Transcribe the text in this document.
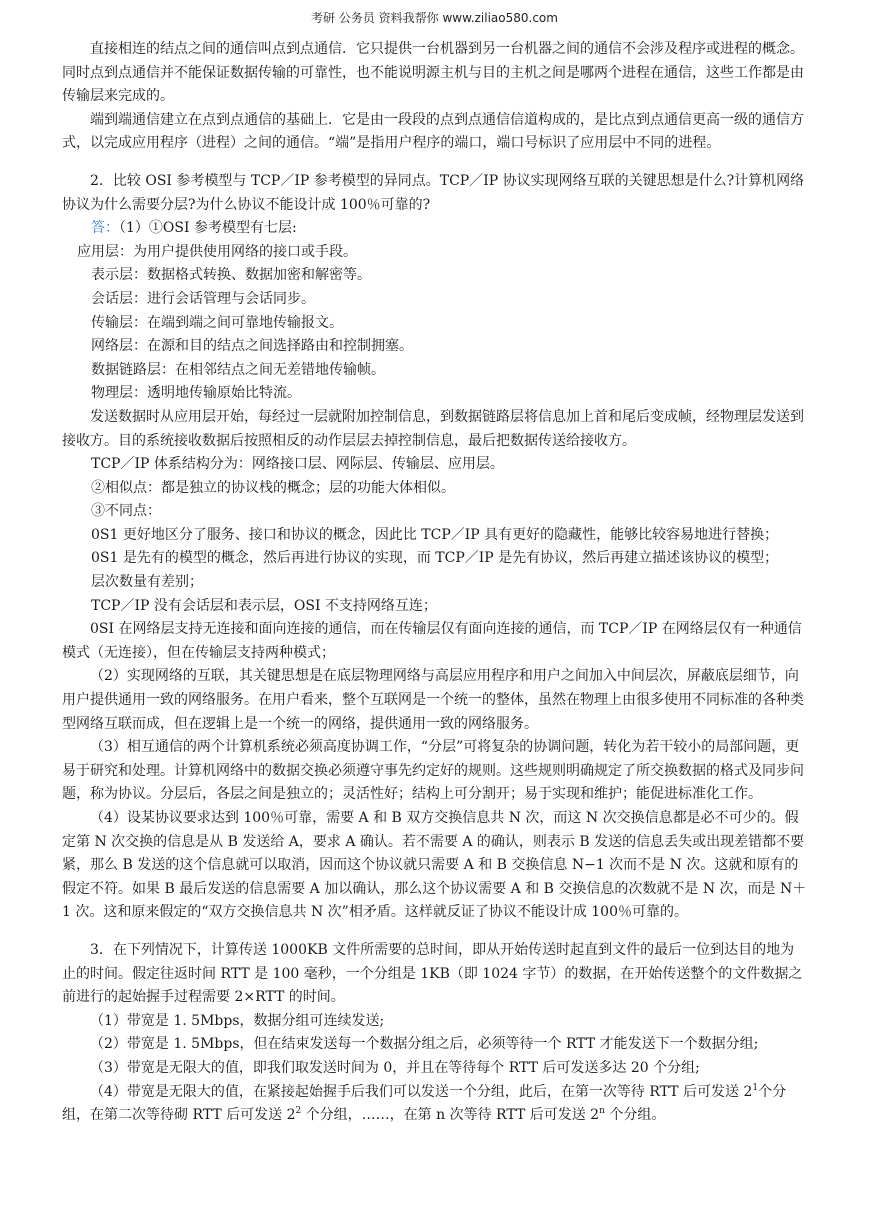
考研 公务员 资料我帮你 www.ziliao580.com

直接相连的结点之间的通信叫点到点通信．它只提供一台机器到另一台机器之间的通信不会涉及程序或进程的概念。同时点到点通信并不能保证数据传输的可靠性，也不能说明源主机与目的主机之间是哪两个进程在通信，这些工作都是由传输层来完成的。

端到端通信建立在点到点通信的基础上．它是由一段段的点到点通信信道构成的，是比点到点通信更高一级的通信方式，以完成应用程序（进程）之间的通信。“端”是指用户程序的端口，端口号标识了应用层中不同的进程。

2．比较 OSI 参考模型与 TCP／IP 参考模型的异同点。TCP／IP 协议实现网络互联的关键思想是什么?计算机网络协议为什么需要分层?为什么协议不能设计成 100％可靠的?

答：（1）①OSI 参考模型有七层:

应用层：为用户提供使用网络的接口或手段。

表示层：数据格式转换、数据加密和解密等。

会话层：进行会话管理与会话同步。

传输层：在端到端之间可靠地传输报文。

网络层：在源和目的结点之间选择路由和控制拥塞。

数据链路层：在相邻结点之间无差错地传输帧。

物理层：透明地传输原始比特流。

发送数据时从应用层开始，每经过一层就附加控制信息，到数据链路层将信息加上首和尾后变成帧，经物理层发送到接收方。目的系统接收数据后按照相反的动作层层去掉控制信息，最后把数据传送给接收方。

TCP／IP 体系结构分为：网络接口层、网际层、传输层、应用层。

②相似点：都是独立的协议栈的概念；层的功能大体相似。

③不同点：

0S1 更好地区分了服务、接口和协议的概念，因此比 TCP／IP 具有更好的隐藏性，能够比较容易地进行替换；

0S1 是先有的模型的概念，然后再进行协议的实现，而 TCP／IP 是先有协议，然后再建立描述该协议的模型；

层次数量有差别；

TCP／IP 没有会话层和表示层，OSI 不支持网络互连；

0SI 在网络层支持无连接和面向连接的通信，而在传输层仅有面向连接的通信，而 TCP／IP 在网络层仅有一种通信模式（无连接），但在传输层支持两种模式；

（2）实现网络的互联，其关键思想是在底层物理网络与高层应用程序和用户之间加入中间层次，屏蔽底层细节，向用户提供通用一致的网络服务。在用户看来，整个互联网是一个统一的整体，虽然在物理上由很多使用不同标准的各种类型网络互联而成，但在逻辑上是一个统一的网络，提供通用一致的网络服务。

（3）相互通信的两个计算机系统必须高度协调工作，“分层”可将复杂的协调问题，转化为若干较小的局部问题，更易于研究和处理。计算机网络中的数据交换必须遵守事先约定好的规则。这些规则明确规定了所交换数据的格式及同步问题，称为协议。分层后，各层之间是独立的；灵活性好；结构上可分割开；易于实现和维护；能促进标准化工作。

（4）设某协议要求达到 100％可靠，需要 A 和 B 双方交换信息共 N 次，而这 N 次交换信息都是必不可少的。假定第 N 次交换的信息是从 B 发送给 A，要求 A 确认。若不需要 A 的确认，则表示 B 发送的信息丢失或出现差错都不要紧，那么 B 发送的这个信息就可以取消，因而这个协议就只需要 A 和 B 交换信息 N−1 次而不是 N 次。这就和原有的假定不符。如果 B 最后发送的信息需要 A 加以确认，那么这个协议需要 A 和 B 交换信息的次数就不是 N 次，而是 N＋1 次。这和原来假定的“双方交换信息共 N 次”相矛盾。这样就反证了协议不能设计成 100％可靠的。

3．在下列情况下，计算传送 1000KB 文件所需要的总时间，即从开始传送时起直到文件的最后一位到达目的地为止的时间。假定往返时间 RTT 是 100 毫秒，一个分组是 1KB（即 1024 字节）的数据，在开始传送整个的文件数据之前进行的起始握手过程需要 2×RTT 的时间。

（1）带宽是 1. 5Mbps，数据分组可连续发送;

（2）带宽是 1. 5Mbps，但在结束发送每一个数据分组之后，必须等待一个 RTT 才能发送下一个数据分组;

（3）带宽是无限大的值，即我们取发送时间为 0，并且在等待每个 RTT 后可发送多达 20 个分组;

（4）带宽是无限大的值，在紧接起始握手后我们可以发送一个分组，此后，在第一次等待 RTT 后可发送 $2^1$个分组，在第二次等待砌 RTT 后可发送 $2^2$ 个分组，……，在第 n 次等待 RTT 后可发送 2$^n$ 个分组。
